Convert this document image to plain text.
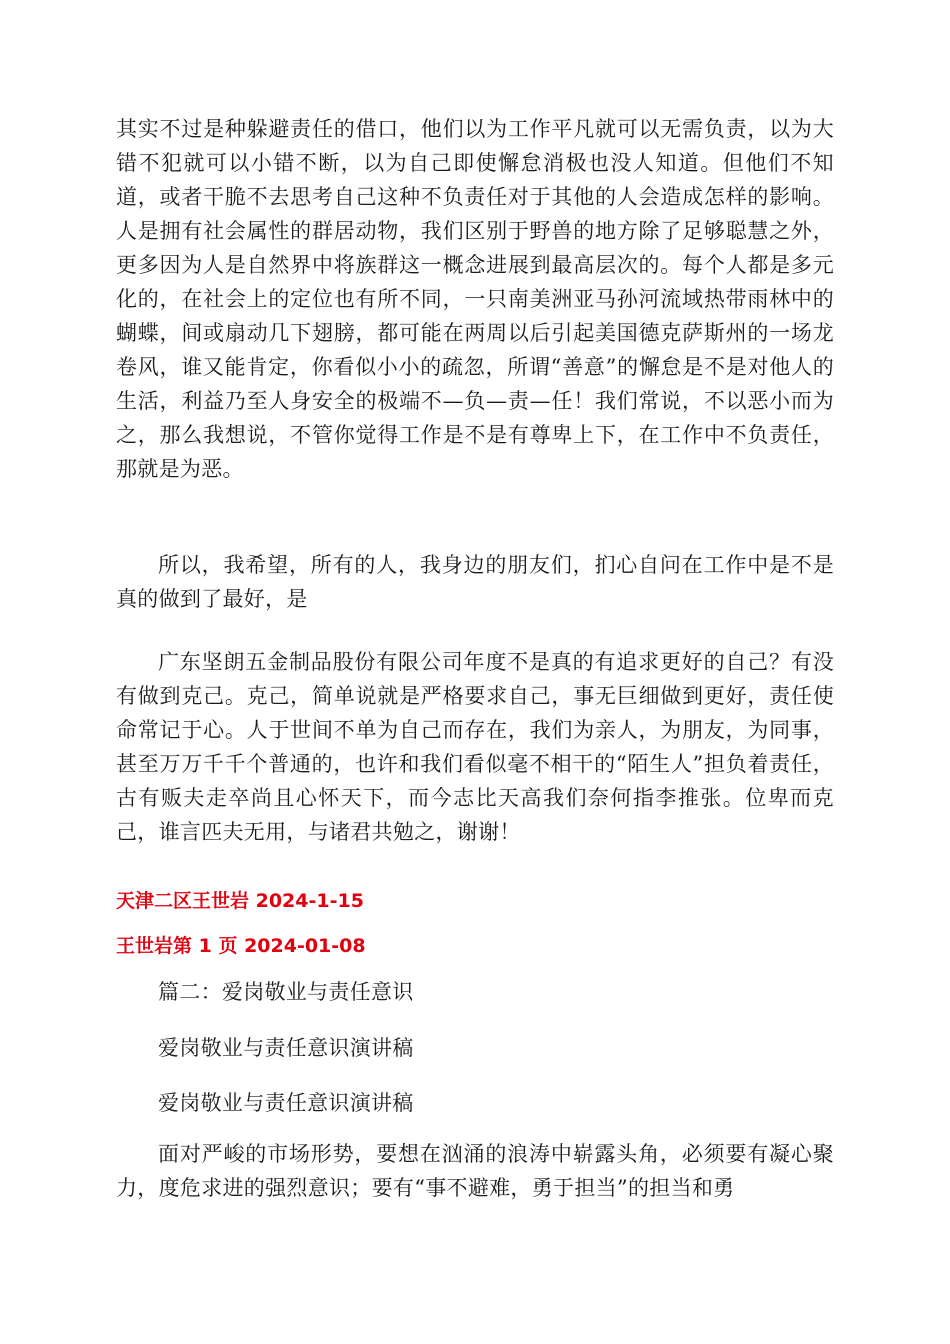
其实不过是种躲避责任的借口，他们以为工作平凡就可以无需负责，以为大错不犯就可以小错不断，以为自己即使懈怠消极也没人知道。但他们不知道，或者干脆不去思考自己这种不负责任对于其他的人会造成怎样的影响。人是拥有社会属性的群居动物，我们区别于野兽的地方除了足够聪慧之外，更多因为人是自然界中将族群这一概念进展到最高层次的。每个人都是多元化的，在社会上的定位也有所不同，一只南美洲亚马孙河流域热带雨林中的蝴蝶，间或扇动几下翅膀，都可能在两周以后引起美国德克萨斯州的一场龙卷风，谁又能肯定，你看似小小的疏忽，所谓“善意”的懈怠是不是对他人的生活，利益乃至人身安全的极端不—负—责—任！我们常说，不以恶小而为之，那么我想说，不管你觉得工作是不是有尊卑上下，在工作中不负责任，那就是为恶。

所以，我希望，所有的人，我身边的朋友们，扪心自问在工作中是不是真的做到了最好，是

广东坚朗五金制品股份有限公司年度不是真的有追求更好的自己？有没有做到克己。克己，简单说就是严格要求自己，事无巨细做到更好，责任使命常记于心。人于世间不单为自己而存在，我们为亲人，为朋友，为同事，甚至万万千千个普通的，也许和我们看似毫不相干的“陌生人”担负着责任，古有贩夫走卒尚且心怀天下，而今志比天高我们奈何指李推张。位卑而克己，谁言匹夫无用，与诸君共勉之，谢谢！

天津二区王世岩 2024-1-15

王世岩第 1 页 2024-01-08

篇二：爱岗敬业与责任意识

爱岗敬业与责任意识演讲稿

爱岗敬业与责任意识演讲稿

面对严峻的市场形势，要想在汹涌的浪涛中崭露头角，必须要有凝心聚力，度危求进的强烈意识；要有“事不避难，勇于担当”的担当和勇
